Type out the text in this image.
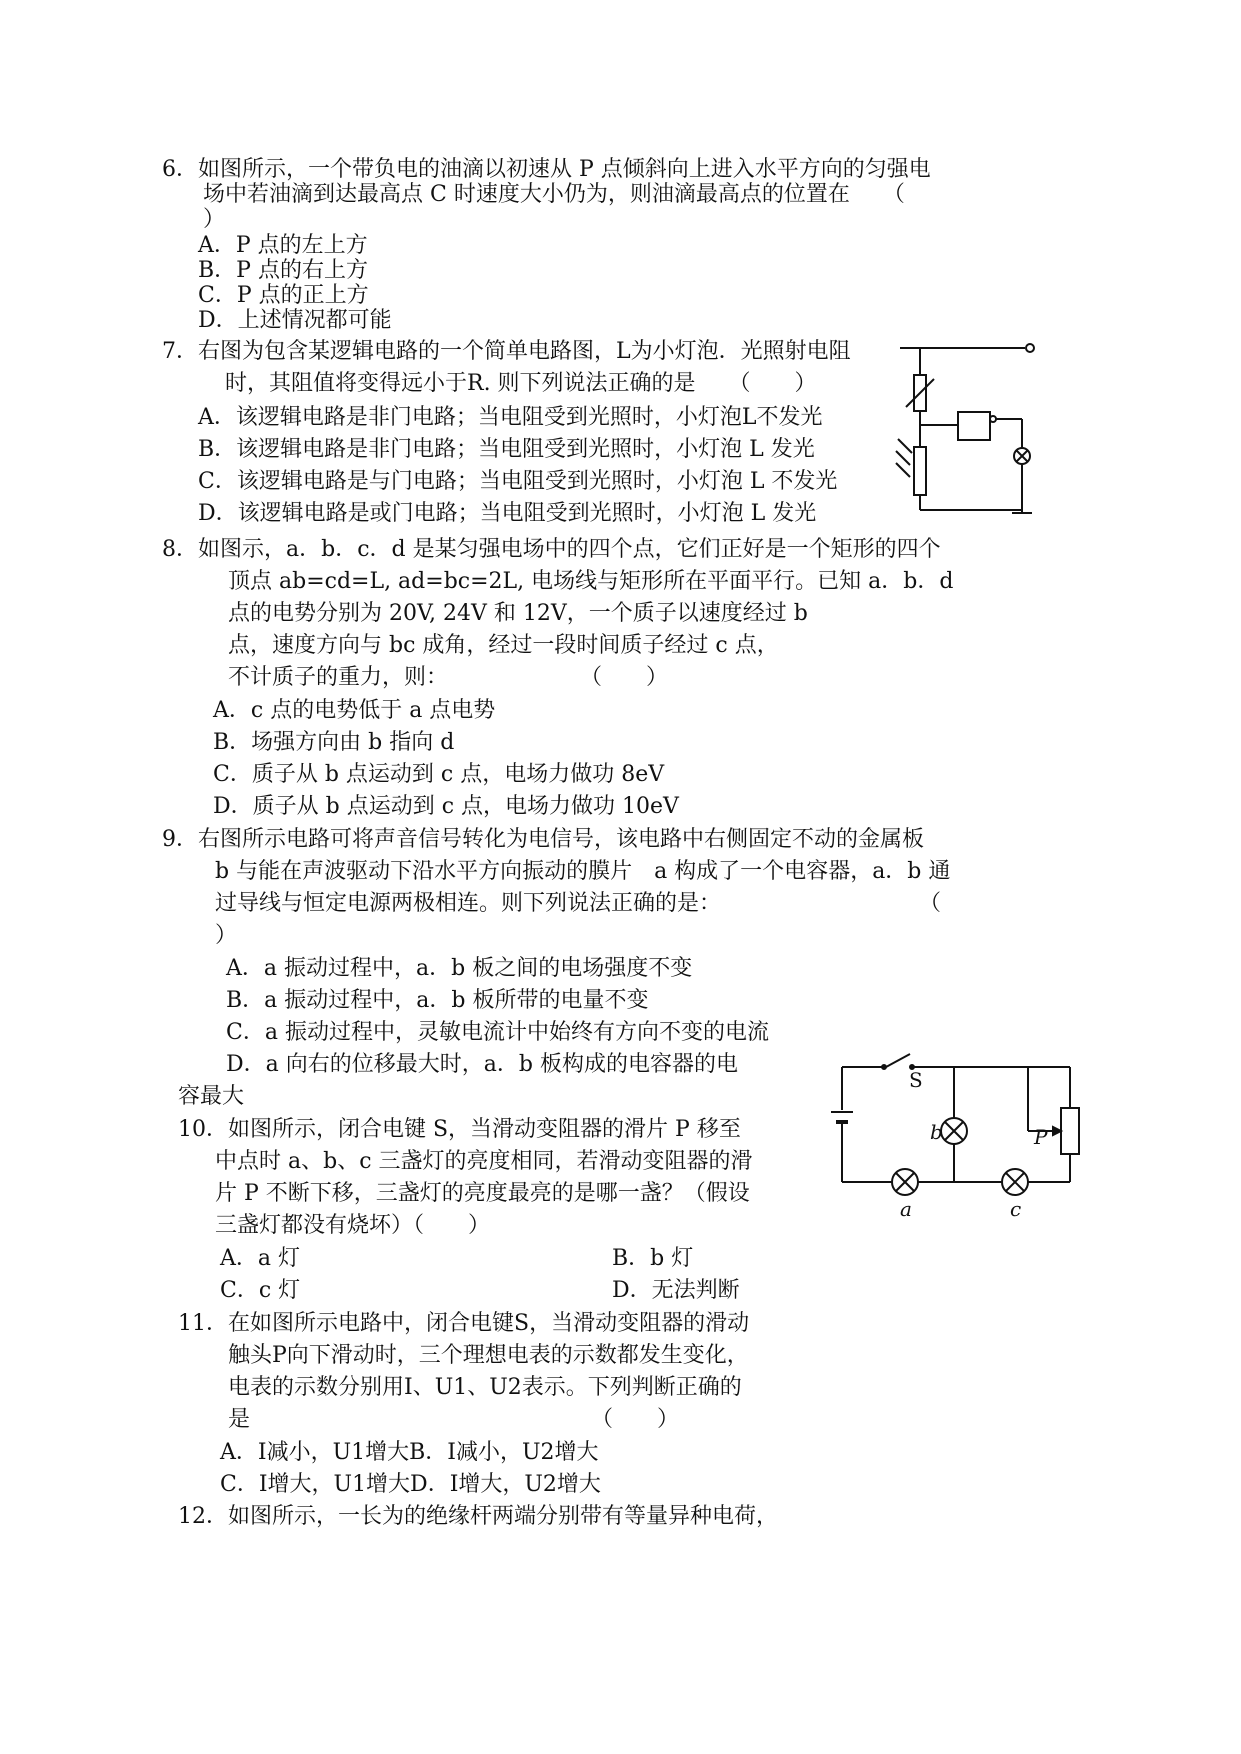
6．如图所示，一个带负电的油滴以初速从 P 点倾斜向上进入水平方向的匀强电
场中若油滴到达最高点 C 时速度大小仍为，则油滴最高点的位置在　　（
）
A．P 点的左上方
B．P 点的右上方
C．P 点的正上方
D．上述情况都可能
7．右图为包含某逻辑电路的一个简单电路图，L为小灯泡．光照射电阻
时，其阻值将变得远小于R. 则下列说法正确的是　　（　　）
A．该逻辑电路是非门电路；当电阻受到光照时，小灯泡L不发光
B．该逻辑电路是非门电路；当电阻受到光照时，小灯泡 L 发光
C．该逻辑电路是与门电路；当电阻受到光照时，小灯泡 L 不发光
D．该逻辑电路是或门电路；当电阻受到光照时，小灯泡 L 发光
8．如图示，a．b．c．d 是某匀强电场中的四个点，它们正好是一个矩形的四个
顶点 ab=cd=L, ad=bc=2L, 电场线与矩形所在平面平行。已知 a．b．d
点的电势分别为 20V, 24V 和 12V，一个质子以速度经过 b
点，速度方向与 bc 成角，经过一段时间质子经过 c 点，
不计质子的重力，则：　　　　　　　（　　）
A．c 点的电势低于 a 点电势
B．场强方向由 b 指向 d
C．质子从 b 点运动到 c 点，电场力做功 8eV
D．质子从 b 点运动到 c 点，电场力做功 10eV
9．右图所示电路可将声音信号转化为电信号，该电路中右侧固定不动的金属板
b 与能在声波驱动下沿水平方向振动的膜片　a 构成了一个电容器，a．b 通
过导线与恒定电源两极相连。则下列说法正确的是：　　　　　　　　　　（
）
A．a 振动过程中，a．b 板之间的电场强度不变
B．a 振动过程中，a．b 板所带的电量不变
C．a 振动过程中，灵敏电流计中始终有方向不变的电流
D．a 向右的位移最大时，a．b 板构成的电容器的电
容最大
10．如图所示，闭合电键 S，当滑动变阻器的滑片 P 移至
中点时 a、b、c 三盏灯的亮度相同，若滑动变阻器的滑
片 P 不断下移，三盏灯的亮度最亮的是哪一盏？（假设
三盏灯都没有烧坏）（　　）
A．a 灯	B．b 灯
C．c 灯	D．无法判断
S
b	P
a	c
11．在如图所示电路中，闭合电键S，当滑动变阻器的滑动
触头P向下滑动时，三个理想电表的示数都发生变化，
电表的示数分别用I、U1、U2表示。下列判断正确的
是　　　　　　　　　　　　　　　　（　　）
A．I减小，U1增大B．I减小，U2增大
C．I增大，U1增大D．I增大，U2增大
12．如图所示，一长为的绝缘杆两端分别带有等量异种电荷，
